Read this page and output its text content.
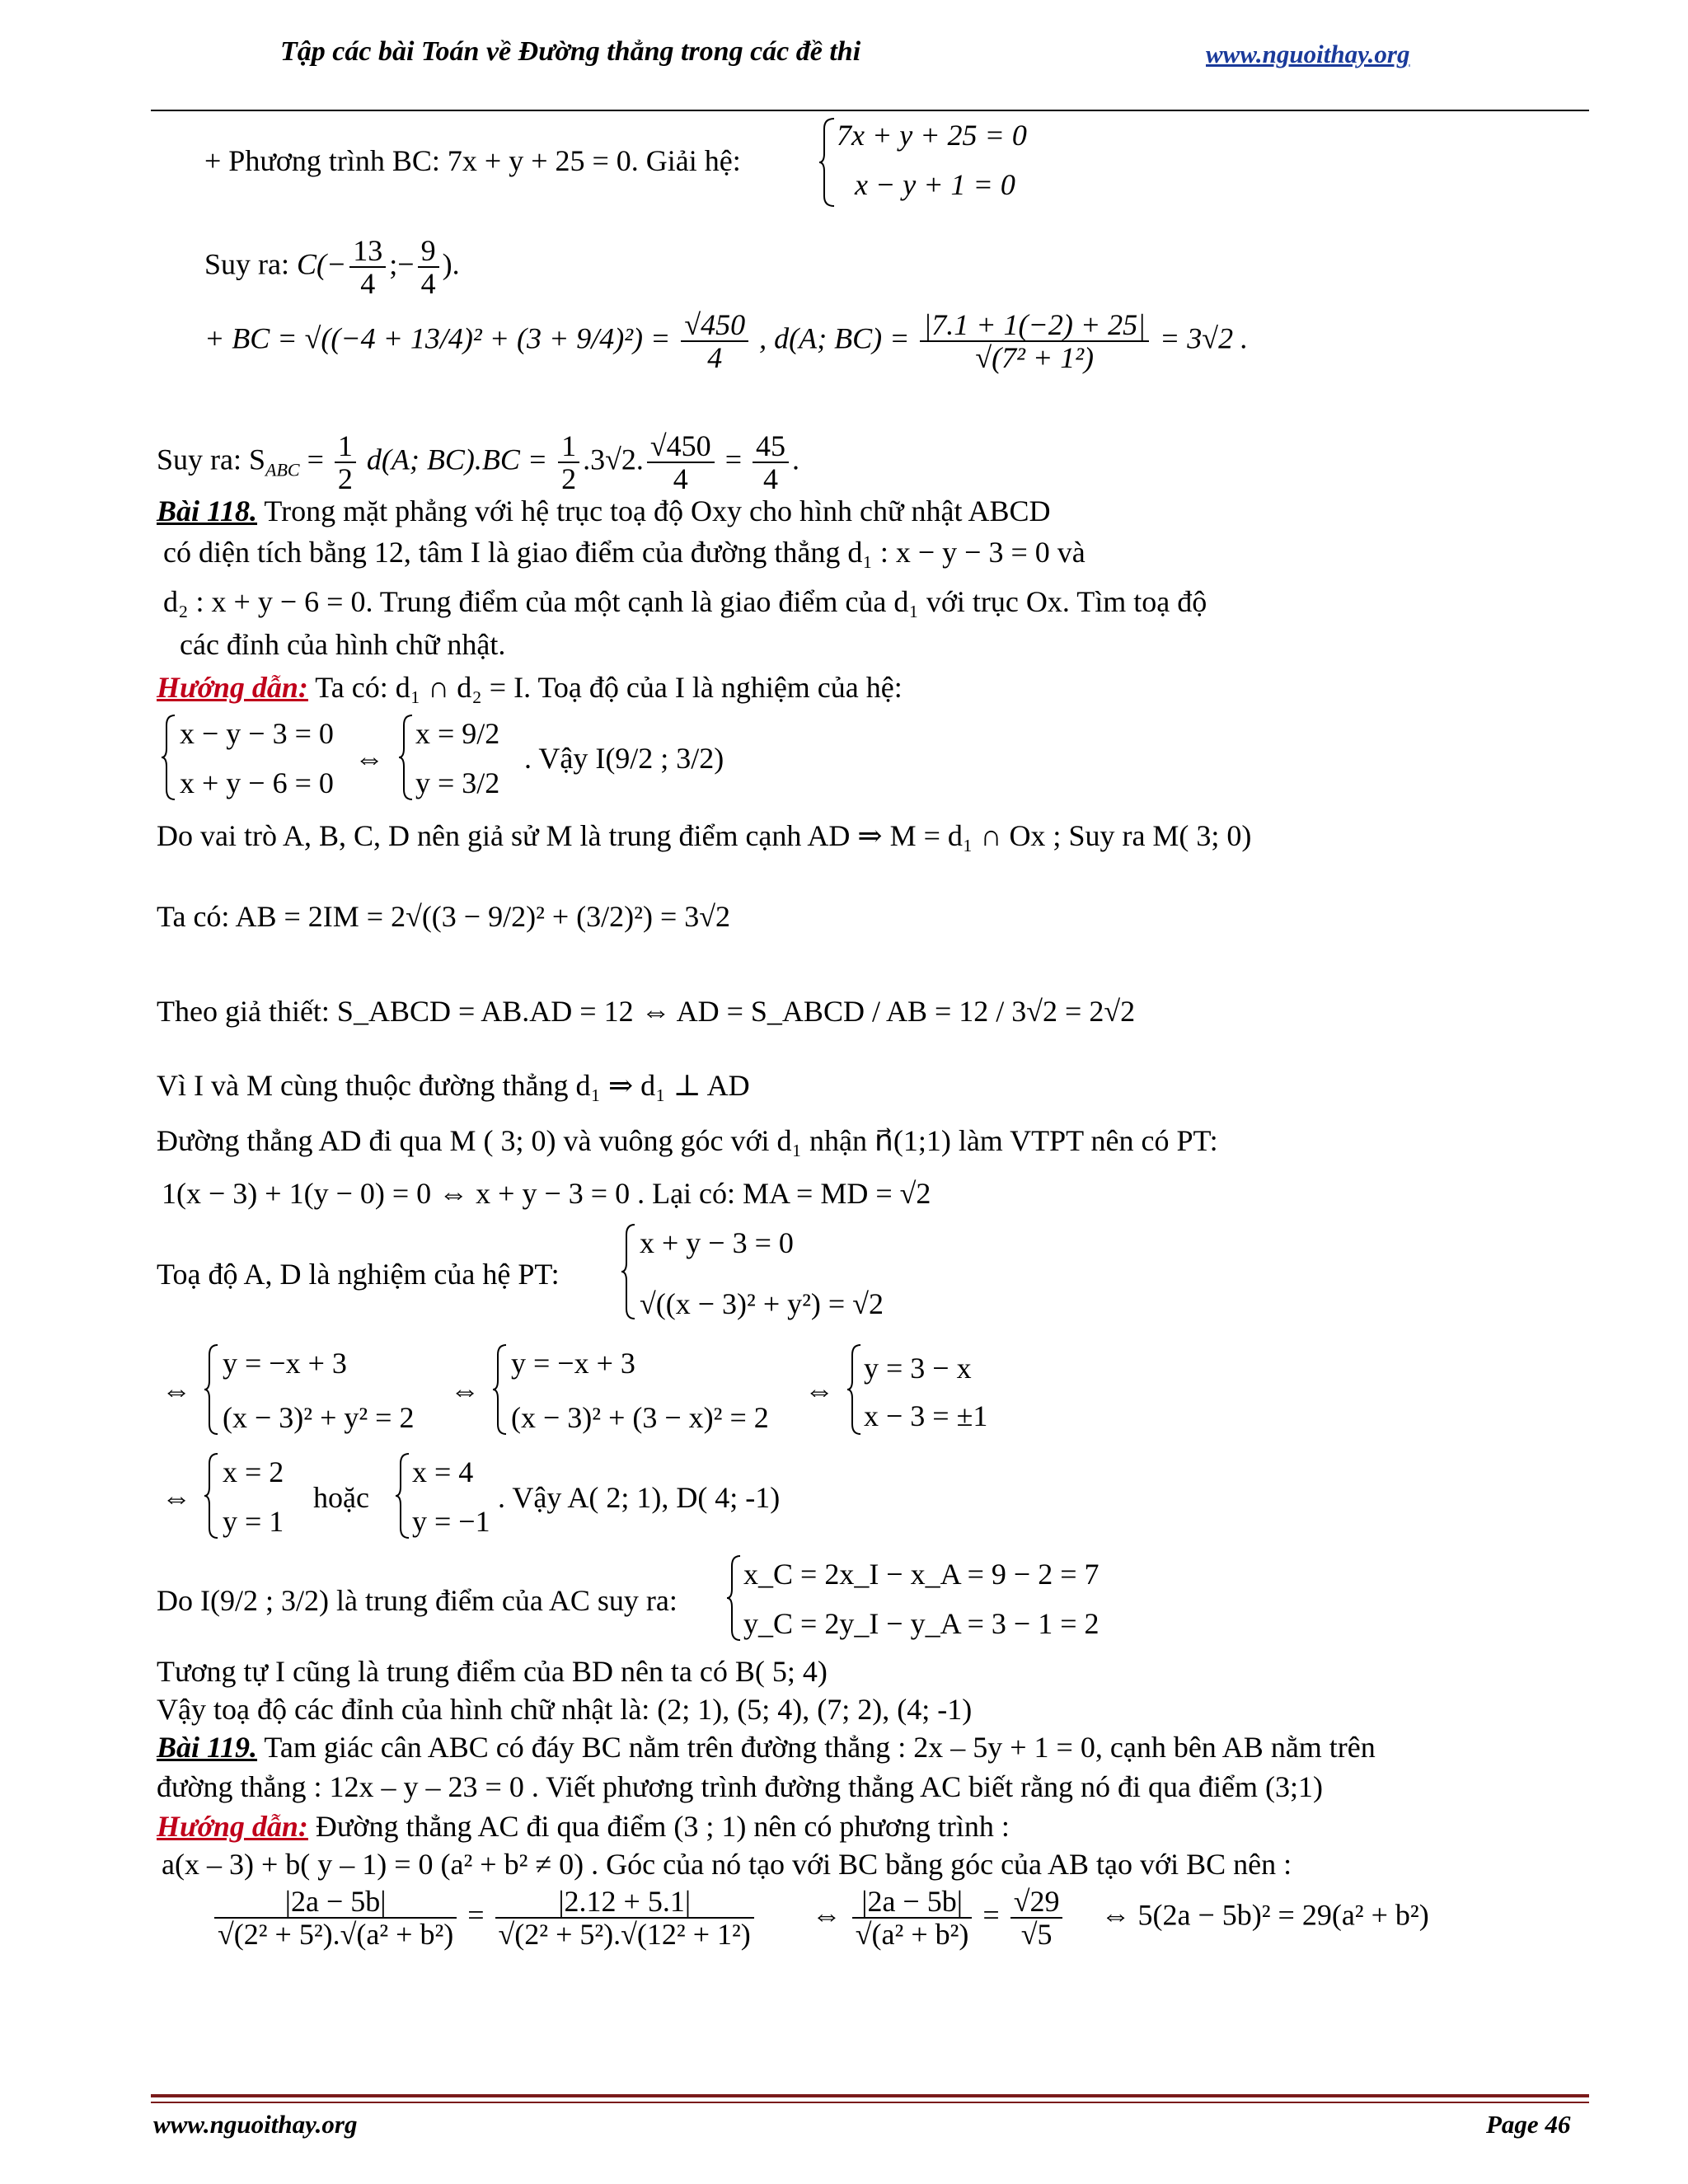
Tập các bài Toán về Đường thẳng trong các đề thi	www.nguoithay.org
+ Phương trình BC: 7x + y + 25 = 0. Giải hệ:
7x + y + 25 = 0
x − y + 1 = 0
Suy ra: $C(- \frac{13}{4}$ ;− $\frac{9}{4}$ ).
+ BC = $√((-4 + 13/4)^2 + (3 + 9/4)^2) = \frac{√450}{4}$ , d(A; $BC) = \frac{|7.1 + 1(-2) + 25|}{\text{√(7² + 1²)}} = 3√2$ .
Suy ra: $S_{ABC} = \frac{1}{2} d(A$; $BC).BC = \frac{1}{2} .3√2$. $\frac{√450}{4} = \frac{45}{4}$ .
Bài 118. Trong mặt phẳng với hệ trục toạ độ Oxy cho hình chữ nhật ABCD
có diện tích bằng 12, tâm I là giao điểm của đường thẳng d₁ : x − y − 3 = 0 và
d₂ : x + y − 6 = 0. Trung điểm của một cạnh là giao điểm của d₁ với trục Ox. Tìm toạ độ
các đỉnh của hình chữ nhật.
Hướng dẫn: Ta có: d₁ ∩ d₂ = I. Toạ độ của I là nghiệm của hệ:
x − y − 3 = 0
x + y − 6 = 0
⇔
x = 9/2
y = 3/2
. Vậy I(9/2 ; 3/2)
Do vai trò A, B, C, D nên giả sử M là trung điểm cạnh AD ⇒ M = d₁ ∩ Ox ; Suy ra M( 3; 0)
Ta có: AB = 2IM = 2√((3 − 9/2)² + (3/2)²) = 3√2
Theo giả thiết: S_ABCD = AB.AD = 12 ⇔ AD = S_ABCD / AB = 12 / 3√2 = 2√2
Vì I và M cùng thuộc đường thẳng d₁ ⇒ d₁ ⊥ AD
Đường thẳng AD đi qua M ( 3; 0) và vuông góc với d₁ nhận n⃗(1;1) làm VTPT nên có PT:
1(x − 3) + 1(y − 0) = 0 ⇔ x + y − 3 = 0 . Lại có: MA = MD = √2
Toạ độ A, D là nghiệm của hệ PT:
x + y − 3 = 0
√((x − 3)² + y²) = √2
⇔
y = −x + 3
(x − 3)² + y² = 2
⇔
y = −x + 3
(x − 3)² + (3 − x)² = 2
⇔
y = 3 − x
x − 3 = ±1
⇔
x = 2
y = 1
hoặc
x = 4
y = −1
. Vậy A( 2; 1), D( 4; -1)
Do I(9/2 ; 3/2) là trung điểm của AC suy ra:
x_C = 2x_I − x_A = 9 − 2 = 7
y_C = 2y_I − y_A = 3 − 1 = 2
Tương tự I cũng là trung điểm của BD nên ta có B( 5; 4)
Vậy toạ độ các đỉnh của hình chữ nhật là: (2; 1), (5; 4), (7; 2), (4; -1)
Bài 119. Tam giác cân ABC có đáy BC nằm trên đường thẳng : 2x – 5y + 1 = 0, cạnh bên AB nằm trên
đường thẳng : 12x – y – 23 = 0 . Viết phương trình đường thẳng AC biết rằng nó đi qua điểm (3;1)
Hướng dẫn: Đường thẳng AC đi qua điểm (3 ; 1) nên có phương trình :
a(x – 3) + b( y – 1) = 0 (a² + b² ≠ 0) . Góc của nó tạo với BC bằng góc của AB tạo với BC nên :
$\frac{|2a - 5b|}{\text{√(2² + 5²).√(a² + b²)}} = \frac{|2.12 + 5.1|}{\text{√(2² + 5²).√(12² + 1²)}}$ ⇔ $\frac{|2a - 5b|}{\text{√(a² + b²)}} = \frac{√29}{√5}$ ⇔ 5(2a − 5b)² = 29(a² + b²)
www.nguoithay.org	Page 46
